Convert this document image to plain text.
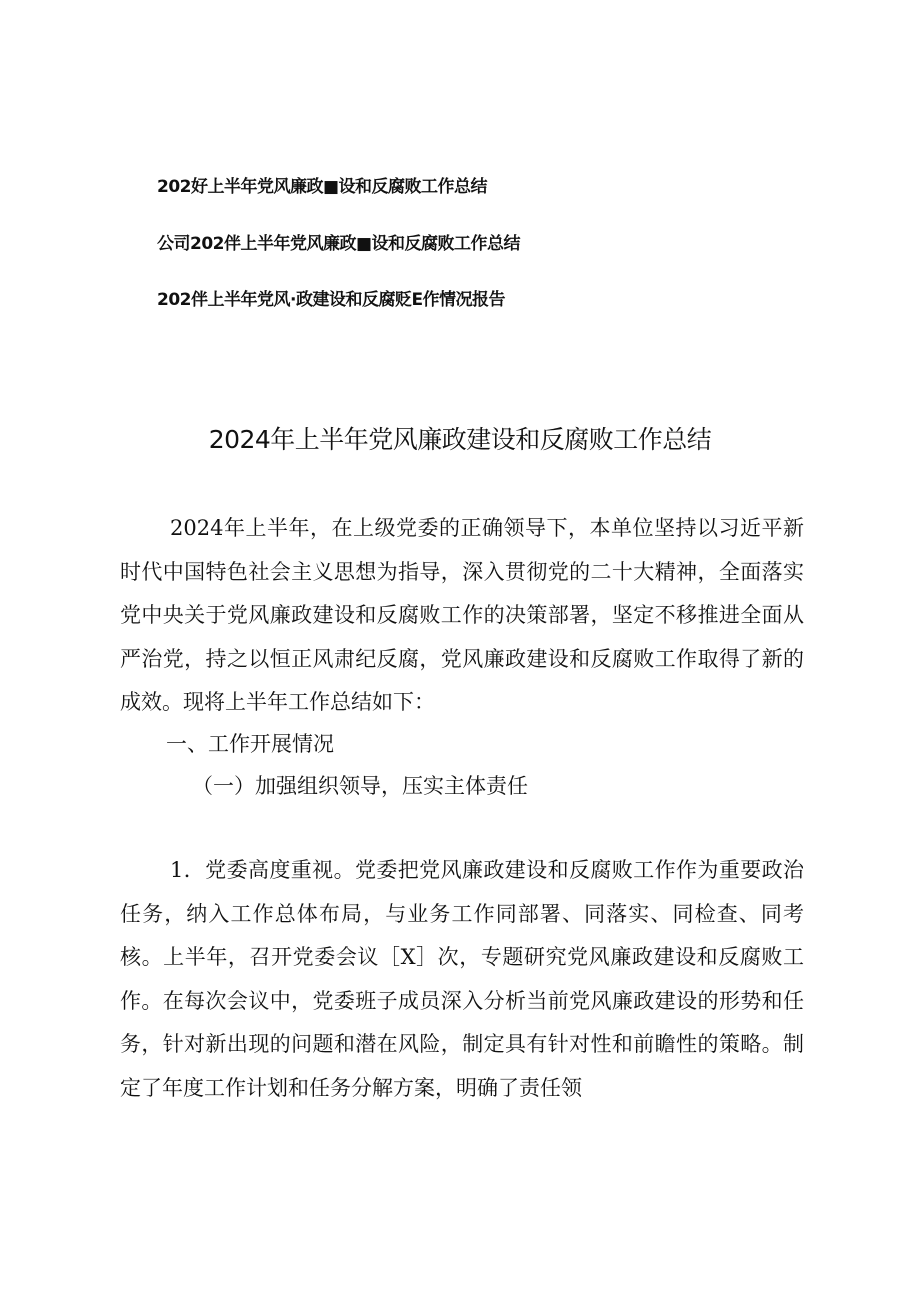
202好上半年党风廉政■设和反腐败工作总结
公司202伴上半年党风廉政■设和反腐败工作总结
202伴上半年党风·政建设和反腐贬E作情况报告
2024年上半年党风廉政建设和反腐败工作总结

2024年上半年，在上级党委的正确领导下，本单位坚持以习近平新时代中国特色社会主义思想为指导，深入贯彻党的二十大精神，全面落实党中央关于党风廉政建设和反腐败工作的决策部署，坚定不移推进全面从严治党，持之以恒正风肃纪反腐，党风廉政建设和反腐败工作取得了新的成效。现将上半年工作总结如下：

一、工作开展情况
（一）加强组织领导，压实主体责任

1．党委高度重视。党委把党风廉政建设和反腐败工作作为重要政治任务，纳入工作总体布局，与业务工作同部署、同落实、同检查、同考核。上半年，召开党委会议［X］次，专题研究党风廉政建设和反腐败工作。在每次会议中，党委班子成员深入分析当前党风廉政建设的形势和任务，针对新出现的问题和潜在风险，制定具有针对性和前瞻性的策略。制定了年度工作计划和任务分解方案，明确了责任领
